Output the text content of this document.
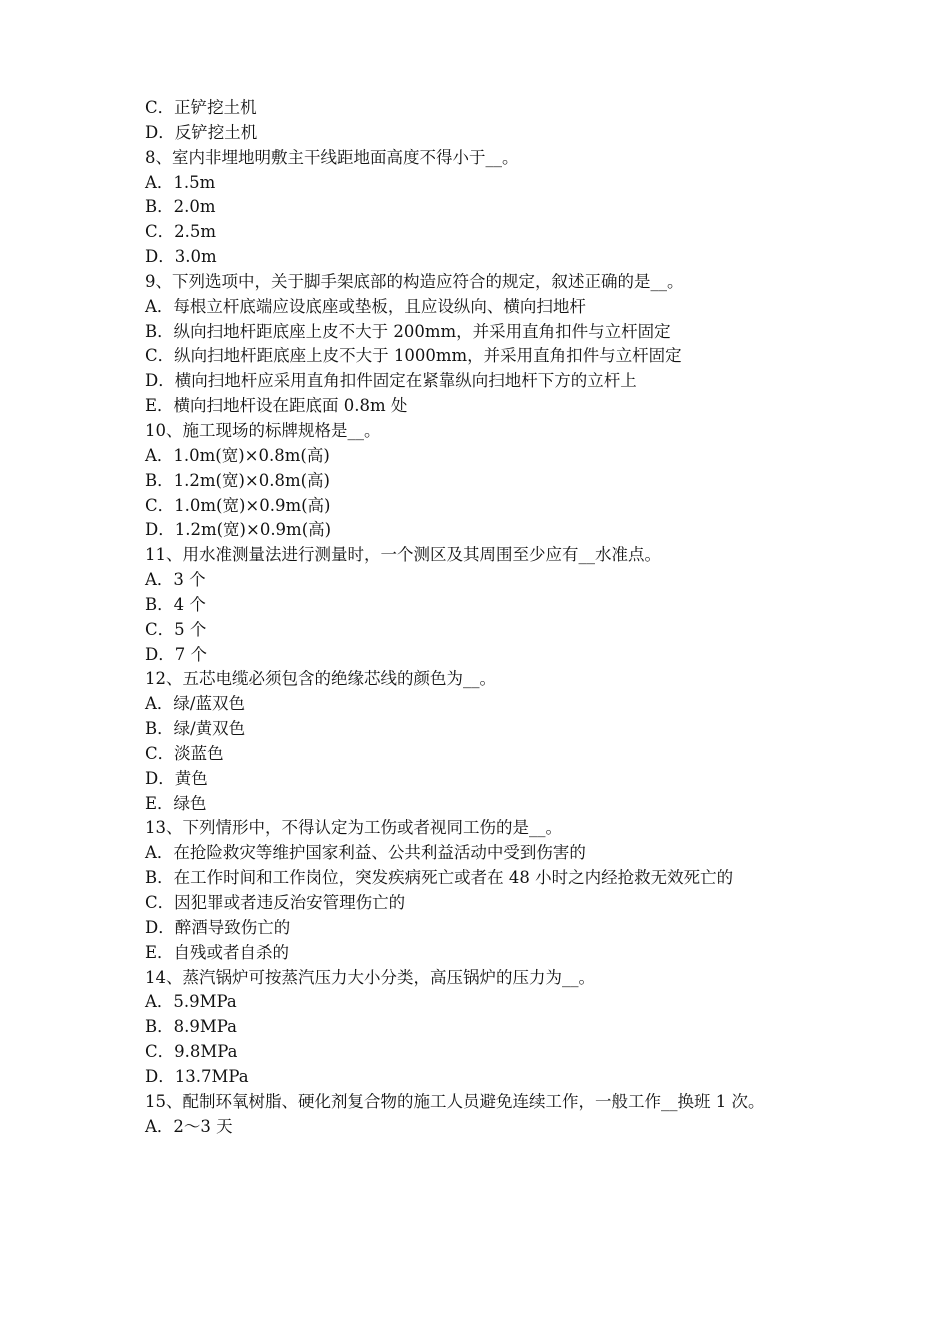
C．正铲挖土机
D．反铲挖土机
8、室内非埋地明敷主干线距地面高度不得小于__。
A．1.5m
B．2.0m
C．2.5m
D．3.0m
9、下列选项中，关于脚手架底部的构造应符合的规定，叙述正确的是__。
A．每根立杆底端应设底座或垫板，且应设纵向、横向扫地杆
B．纵向扫地杆距底座上皮不大于 200mm，并采用直角扣件与立杆固定
C．纵向扫地杆距底座上皮不大于 1000mm，并采用直角扣件与立杆固定
D．横向扫地杆应采用直角扣件固定在紧靠纵向扫地杆下方的立杆上
E．横向扫地杆设在距底面 0.8m 处
10、施工现场的标牌规格是__。
A．1.0m(宽)×0.8m(高)
B．1.2m(宽)×0.8m(高)
C．1.0m(宽)×0.9m(高)
D．1.2m(宽)×0.9m(高)
11、用水准测量法进行测量时，一个测区及其周围至少应有__水准点。
A．3 个
B．4 个
C．5 个
D．7 个
12、五芯电缆必须包含的绝缘芯线的颜色为__。
A．绿/蓝双色
B．绿/黄双色
C．淡蓝色
D．黄色
E．绿色
13、下列情形中，不得认定为工伤或者视同工伤的是__。
A．在抢险救灾等维护国家利益、公共利益活动中受到伤害的
B．在工作时间和工作岗位，突发疾病死亡或者在 48 小时之内经抢救无效死亡的
C．因犯罪或者违反治安管理伤亡的
D．醉酒导致伤亡的
E．自残或者自杀的
14、蒸汽锅炉可按蒸汽压力大小分类，高压锅炉的压力为__。
A．5.9MPa
B．8.9MPa
C．9.8MPa
D．13.7MPa
15、配制环氧树脂、硬化剂复合物的施工人员避免连续工作，一般工作__换班 1 次。
A．2～3 天
